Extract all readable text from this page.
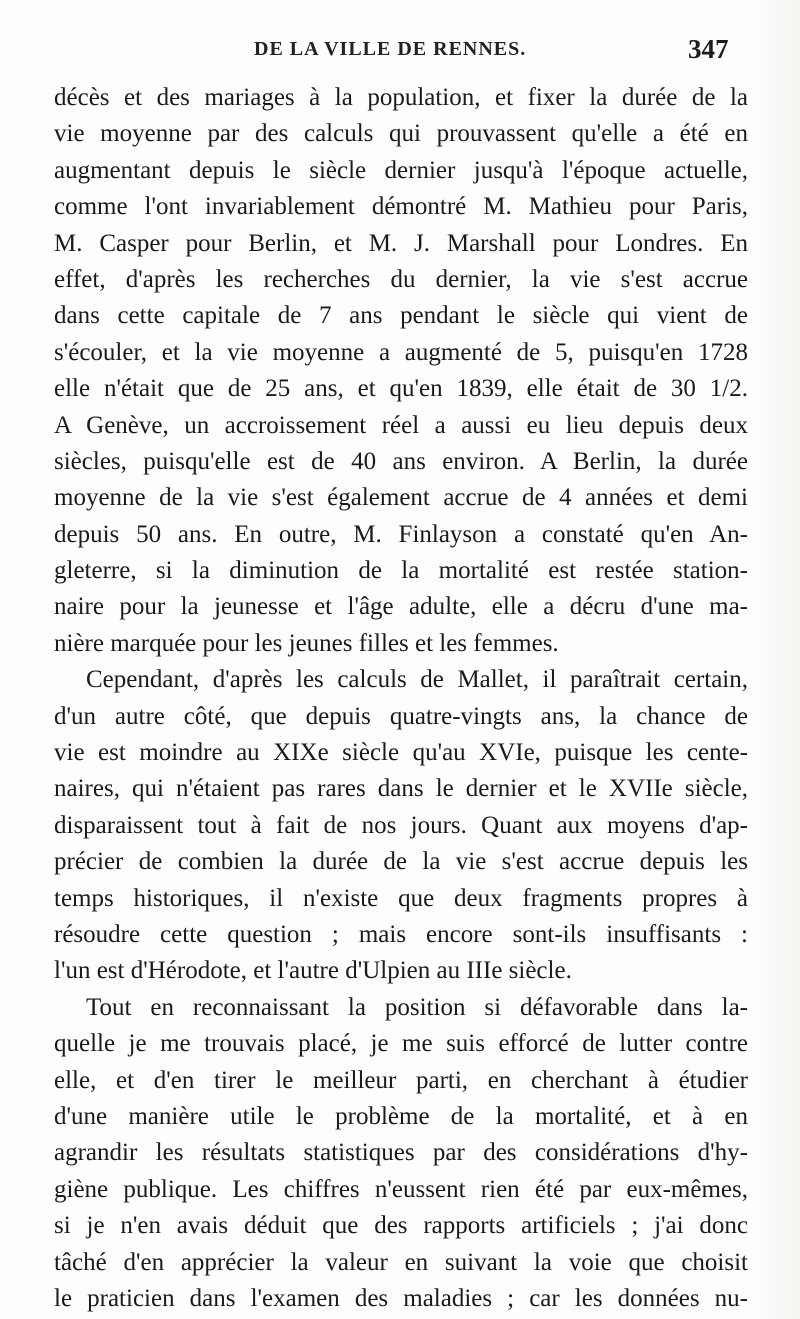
DE LA VILLE DE RENNES.	347
décès et des mariages à la population, et fixer la durée de la
vie moyenne par des calculs qui prouvassent qu'elle a été en
augmentant depuis le siècle dernier jusqu'à l'époque actuelle,
comme l'ont invariablement démontré M. Mathieu pour Paris,
M. Casper pour Berlin, et M. J. Marshall pour Londres. En
effet, d'après les recherches du dernier, la vie s'est accrue
dans cette capitale de 7 ans pendant le siècle qui vient de
s'écouler, et la vie moyenne a augmenté de 5, puisqu'en 1728
elle n'était que de 25 ans, et qu'en 1839, elle était de 30 1/2.
A Genève, un accroissement réel a aussi eu lieu depuis deux
siècles, puisqu'elle est de 40 ans environ. A Berlin, la durée
moyenne de la vie s'est également accrue de 4 années et demi
depuis 50 ans. En outre, M. Finlayson a constaté qu'en An-
gleterre, si la diminution de la mortalité est restée station-
naire pour la jeunesse et l'âge adulte, elle a décru d'une ma-
nière marquée pour les jeunes filles et les femmes.
Cependant, d'après les calculs de Mallet, il paraîtrait certain,
d'un autre côté, que depuis quatre-vingts ans, la chance de
vie est moindre au XIXe siècle qu'au XVIe, puisque les cente-
naires, qui n'étaient pas rares dans le dernier et le XVIIe siècle,
disparaissent tout à fait de nos jours. Quant aux moyens d'ap-
précier de combien la durée de la vie s'est accrue depuis les
temps historiques, il n'existe que deux fragments propres à
résoudre cette question ; mais encore sont-ils insuffisants :
l'un est d'Hérodote, et l'autre d'Ulpien au IIIe siècle.
Tout en reconnaissant la position si défavorable dans la-
quelle je me trouvais placé, je me suis efforcé de lutter contre
elle, et d'en tirer le meilleur parti, en cherchant à étudier
d'une manière utile le problème de la mortalité, et à en
agrandir les résultats statistiques par des considérations d'hy-
giène publique. Les chiffres n'eussent rien été par eux-mêmes,
si je n'en avais déduit que des rapports artificiels ; j'ai donc
tâché d'en apprécier la valeur en suivant la voie que choisit
le praticien dans l'examen des maladies ; car les données nu-
